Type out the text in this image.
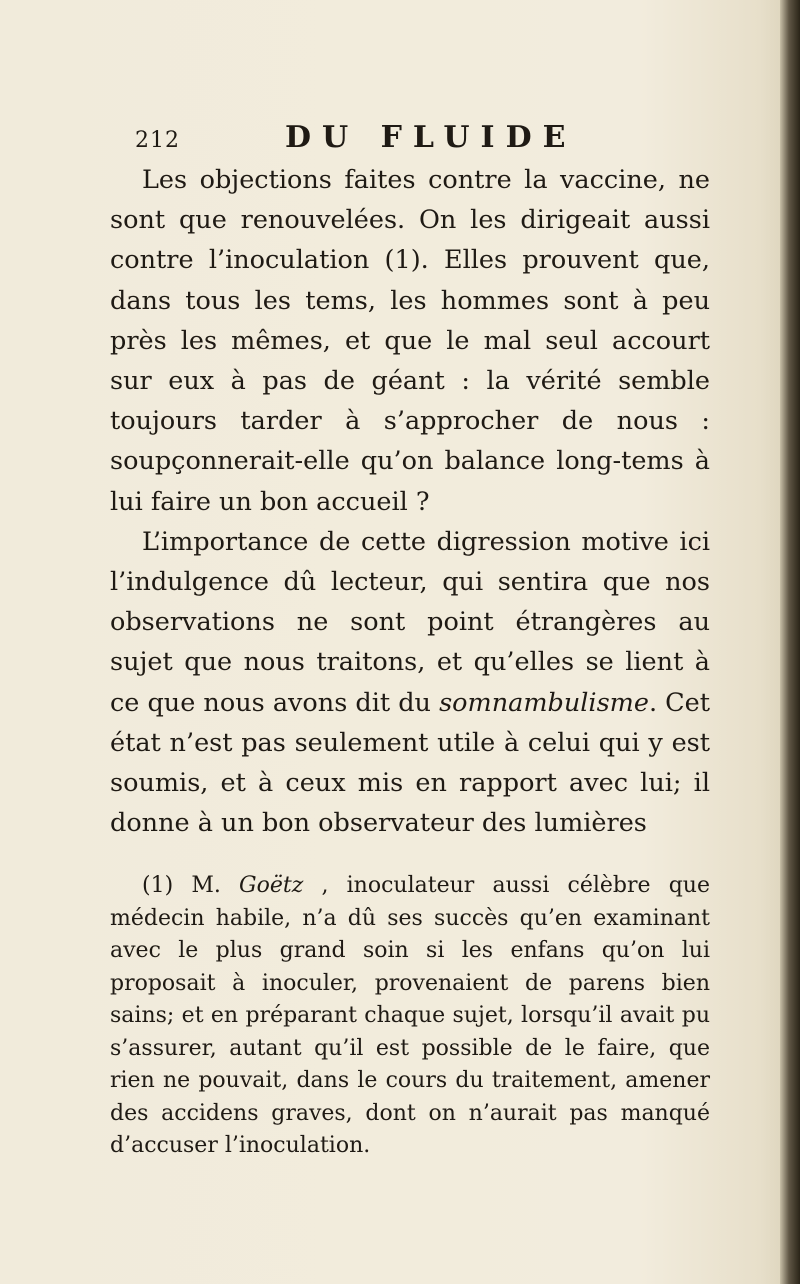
212	DU FLUIDE

Les objections faites contre la vaccine, ne sont que renouvelées. On les dirigeait aussi contre l’inoculation (1). Elles prouvent que, dans tous les tems, les hommes sont à peu près les mêmes, et que le mal seul accourt sur eux à pas de géant : la vérité semble toujours tarder à s’approcher de nous : soupçonnerait-elle qu’on balance long-tems à lui faire un bon accueil ?

L’importance de cette digression motive ici l’indulgence dû lecteur, qui sentira que nos observations ne sont point étrangères au sujet que nous traitons, et qu’elles se lient à ce que nous avons dit du somnambulisme. Cet état n’est pas seulement utile à celui qui y est soumis, et à ceux mis en rapport avec lui; il donne à un bon observateur des lumières

(1) M. Goëtz , inoculateur aussi célèbre que médecin habile, n’a dû ses succès qu’en examinant avec le plus grand soin si les enfans qu’on lui proposait à inoculer, provenaient de parens bien sains; et en préparant chaque sujet, lorsqu’il avait pu s’assurer, autant qu’il est possible de le faire, que rien ne pouvait, dans le cours du traitement, amener des accidens graves, dont on n’aurait pas manqué d’accuser l’inoculation.
